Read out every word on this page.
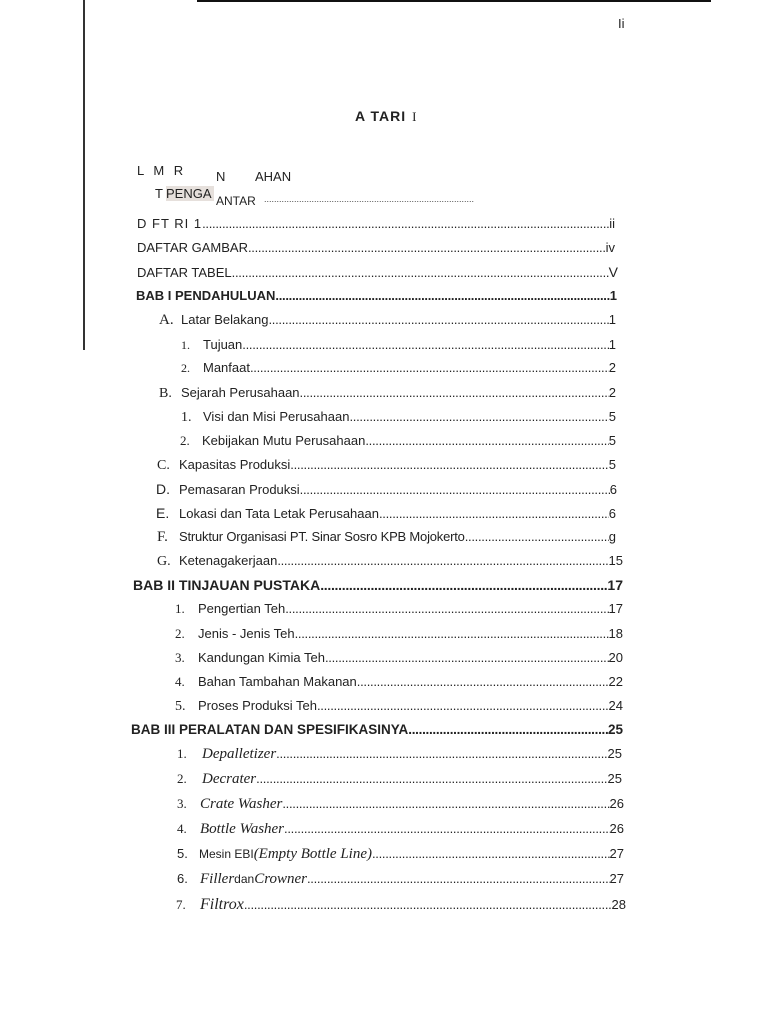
Ii
A TARI I
L M R N AHAN
T PENGA ANTAR ....................................................................................
D FT RI 1 .....	ii
DAFTAR GAMBAR .....	iv
DAFTAR TABEL .....	V
BAB I PENDAHULUAN .....	1
A. Latar Belakang .....	1
1.	Tujuan .....	1
2.	Manfaat .....	2
B. Sejarah Perusahaan .....	2
1. Visi dan Misi Perusahaan .....	5
2. Kebijakan Mutu Perusahaan .....	5
C. Kapasitas Produksi .....	5
D. Pemasaran Produksi .....	6
E. Lokasi dan Tata Letak Perusahaan .....	6
F. Struktur Organisasi PT. Sinar Sosro KPB Mojokerto .....	g
G. Ketenagakerjaan .....	15
BAB II TINJAUAN PUSTAKA .....	17
1.	Pengertian Teh .....	17
2.	Jenis - Jenis Teh .....	18
3.	Kandungan Kimia Teh .....	20
4.	Bahan Tambahan Makanan .....	22
5. Proses Produksi Teh .....	24
BAB III PERALATAN DAN SPESIFIKASINYA .....	25
1.	Depalletizer .....	25
2.	Decrater .....	25
3. Crate Washer .....	26
4. Bottle Washer .....	26
5. Mesin EBI (Empty Bottle Line) .....	27
6. Filler dan Crowner .....	27
7. Filtrox .....	28
